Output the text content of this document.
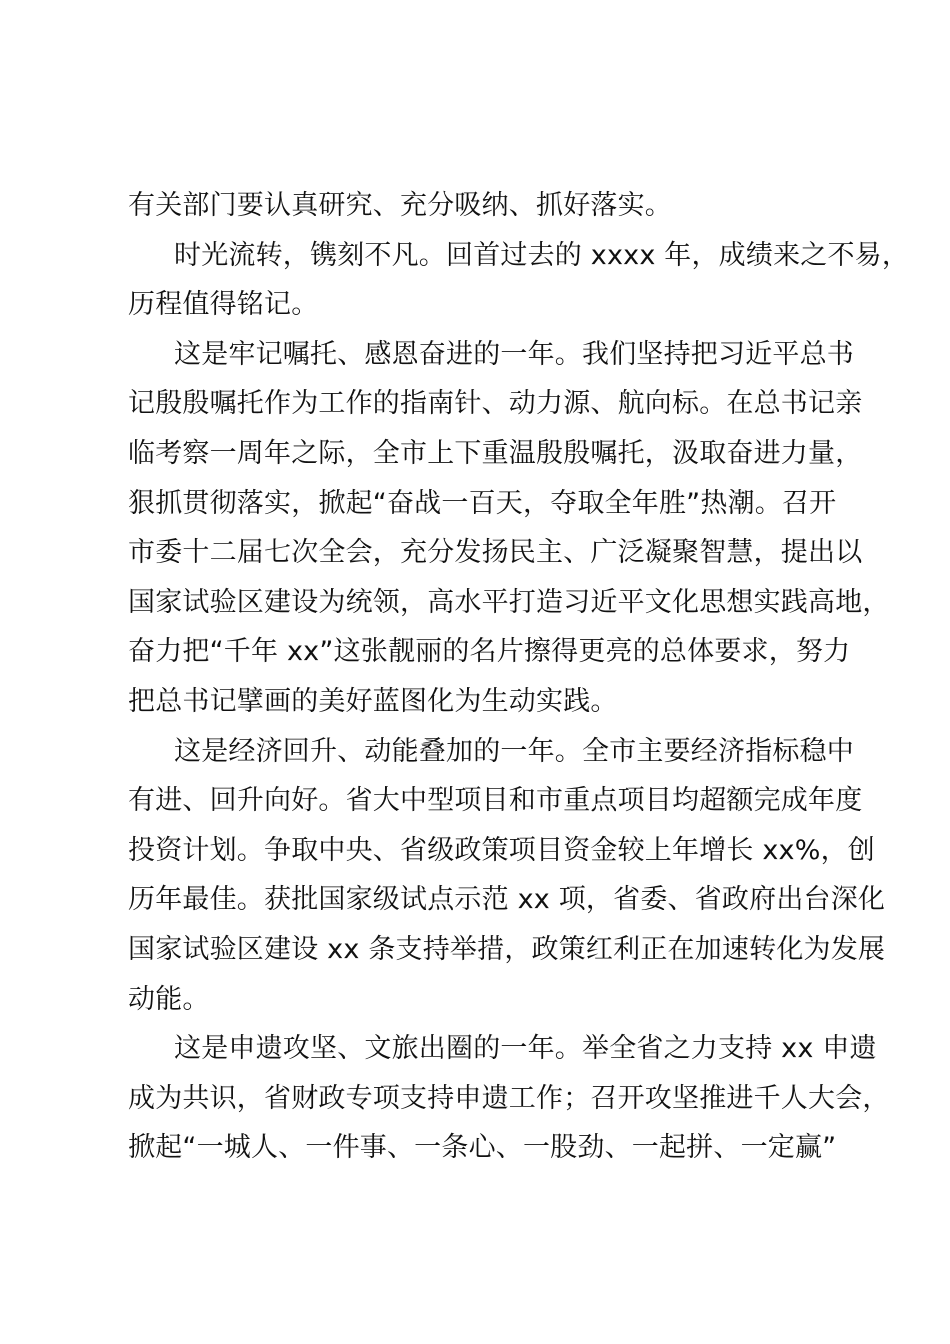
有关部门要认真研究、充分吸纳、抓好落实。
时光流转，镌刻不凡。回首过去的 xxxx 年，成绩来之不易，
历程值得铭记。
这是牢记嘱托、感恩奋进的一年。我们坚持把习近平总书
记殷殷嘱托作为工作的指南针、动力源、航向标。在总书记亲
临考察一周年之际，全市上下重温殷殷嘱托，汲取奋进力量，
狠抓贯彻落实，掀起“奋战一百天，夺取全年胜”热潮。召开
市委十二届七次全会，充分发扬民主、广泛凝聚智慧，提出以
国家试验区建设为统领，高水平打造习近平文化思想实践高地，
奋力把“千年 xx”这张靓丽的名片擦得更亮的总体要求，努力
把总书记擘画的美好蓝图化为生动实践。
这是经济回升、动能叠加的一年。全市主要经济指标稳中
有进、回升向好。省大中型项目和市重点项目均超额完成年度
投资计划。争取中央、省级政策项目资金较上年增长 xx%，创
历年最佳。获批国家级试点示范 xx 项，省委、省政府出台深化
国家试验区建设 xx 条支持举措，政策红利正在加速转化为发展
动能。
这是申遗攻坚、文旅出圈的一年。举全省之力支持 xx 申遗
成为共识，省财政专项支持申遗工作；召开攻坚推进千人大会，
掀起“一城人、一件事、一条心、一股劲、一起拼、一定赢”
